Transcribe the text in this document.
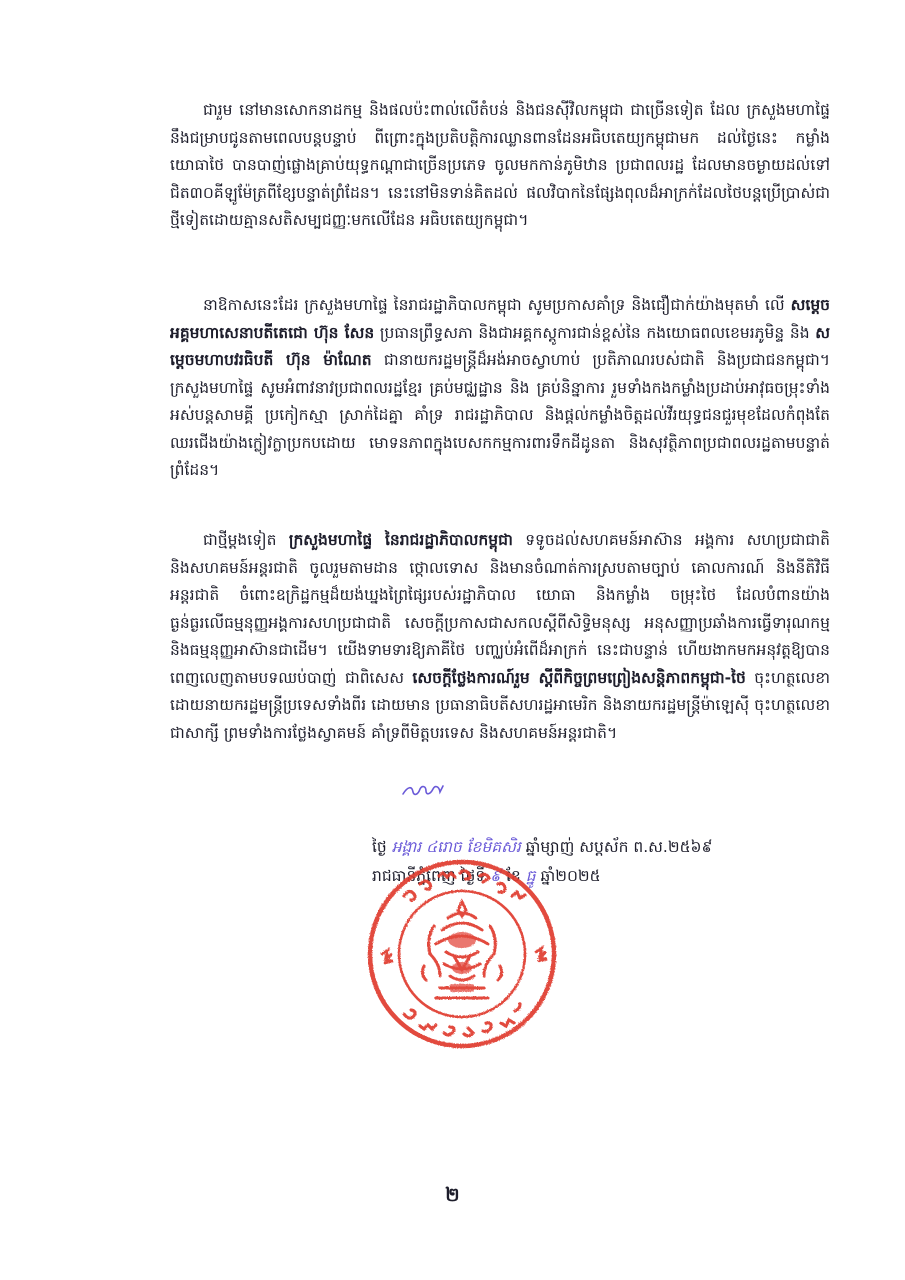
ជារួម នៅមានសោកនាដកម្ម និងផលប៉ះពាល់លើតំបន់ និងជនស៊ីវិលកម្ពុជា ជាច្រើនទៀត ដែល ក្រសួងមហាផ្ទៃ នឹងជម្រាបជូនតាមពេលបន្តបន្ទាប់ ពីព្រោះក្នុងប្រតិបត្តិការឈ្លានពានដែនអធិបតេយ្យកម្ពុជាមក ដល់ថ្ងៃនេះ កម្លាំងយោធាថៃ បានបាញ់ផ្លោងគ្រាប់យុទ្ធកណ្ដាជាច្រើនប្រភេទ ចូលមកកាន់ភូមិឋាន ប្រជាពលរដ្ឋ ដែលមានចម្ងាយដល់ទៅជិត៣០គីឡូម៉ែត្រពីខ្សែបន្ទាត់ព្រំដែន។ នេះនៅមិនទាន់គិតដល់ ផលវិបាកនៃផ្សែងពុលដ៏អាក្រក់ដែលថៃបន្តប្រើប្រាស់ជាថ្មីទៀតដោយគ្មានសតិសម្បជញ្ញៈមកលើដែន អធិបតេយ្យកម្ពុជា។

នាឱកាសនេះដែរ ក្រសួងមហាផ្ទៃ នៃរាជរដ្ឋាភិបាលកម្ពុជា សូមប្រកាសគាំទ្រ និងជឿជាក់យ៉ាងមុតមាំ លើ សម្តេចអគ្គមហាសេនាបតីតេជោ ហ៊ុន សែន ប្រធានព្រឹទ្ធសភា និងជាអគ្គកស្ដូការជាន់ខ្ពស់នៃ កងយោធពលខេមរភូមិន្ទ និង សម្តេចមហាបវរធិបតី ហ៊ុន ម៉ាណែត ជានាយករដ្ឋមន្ត្រីដ៏អង់អាចស្វាហាប់ ប្រតិភាណរបស់ជាតិ និងប្រជាជនកម្ពុជា។ ក្រសួងមហាផ្ទៃ សូមអំពាវនាវប្រជាពលរដ្ឋខ្មែរ គ្រប់មជ្ឈដ្ឋាន និង គ្រប់និន្នាការ រួមទាំងកងកម្លាំងប្រដាប់អាវុធចម្រុះទាំងអស់បន្តសាមគ្គី ប្រកៀកស្មា ស្រាក់ដៃគ្នា គាំទ្រ រាជរដ្ឋាភិបាល និងផ្តល់កម្លាំងចិត្តដល់វីរយុទ្ធជនជួរមុខដែលកំពុងតែឈរជើងយ៉ាងក្លៀវក្លាប្រកបដោយ មោទនភាពក្នុងបេសកកម្មការពារទឹកដីដូនតា និងសុវត្ថិភាពប្រជាពលរដ្ឋតាមបន្ទាត់ព្រំដែន។

ជាថ្មីម្តងទៀត ក្រសួងមហាផ្ទៃ នៃរាជរដ្ឋាភិបាលកម្ពុជា ទទូចដល់សហគមន៍អាស៊ាន អង្គការ សហប្រជាជាតិ និងសហគមន៍អន្តរជាតិ ចូលរួមតាមដាន ថ្កោលទោស និងមានចំណាត់ការស្របតាមច្បាប់ គោលការណ៍ និងនីតិវិធីអន្តរជាតិ ចំពោះឧក្រិដ្ឋកម្មដ៏យង់ឃ្នងព្រៃផ្សៃរបស់រដ្ឋាភិបាល យោធា និងកម្លាំង ចម្រុះថៃ ដែលបំពានយ៉ាងធ្ងន់ធ្ងរលើធម្មនុញ្ញអង្គការសហប្រជាជាតិ សេចក្តីប្រកាសជាសកលស្តីពីសិទ្ធិមនុស្ស អនុសញ្ញាប្រឆាំងការធ្វើទារុណកម្ម និងធម្មនុញ្ញអាស៊ានជាដើម។ យើងទាមទារឱ្យភាគីថៃ បញ្ឈប់អំពើដ៏អាក្រក់ នេះជាបន្ទាន់ ហើយងាកមកអនុវត្តឱ្យបានពេញលេញតាមបទឈប់បាញ់ ជាពិសេស សេចក្តីថ្លែងការណ៍រួម ស្តីពីកិច្ចព្រមព្រៀងសន្តិភាពកម្ពុជា-ថៃ ចុះហត្ថលេខាដោយនាយករដ្ឋមន្ត្រីប្រទេសទាំងពីរ ដោយមាន ប្រធានាធិបតីសហរដ្ឋអាមេរិក និងនាយករដ្ឋមន្ត្រីម៉ាឡេស៊ី ចុះហត្ថលេខាជាសាក្សី ព្រមទាំងការថ្លែងស្វាគមន៍ គាំទ្រពីមិត្តបរទេស និងសហគមន៍អន្តរជាតិ។

ថ្ងៃ អង្គារ ៤រោច ខែមិគសិរ ឆ្នាំម្សាញ់ សប្តស័ក ព.ស.២៥៦៩
រាជធានីភ្នំពេញ ថ្ងៃទី ៩ ខែ ធ្នូ ឆ្នាំ២០២៥
២
